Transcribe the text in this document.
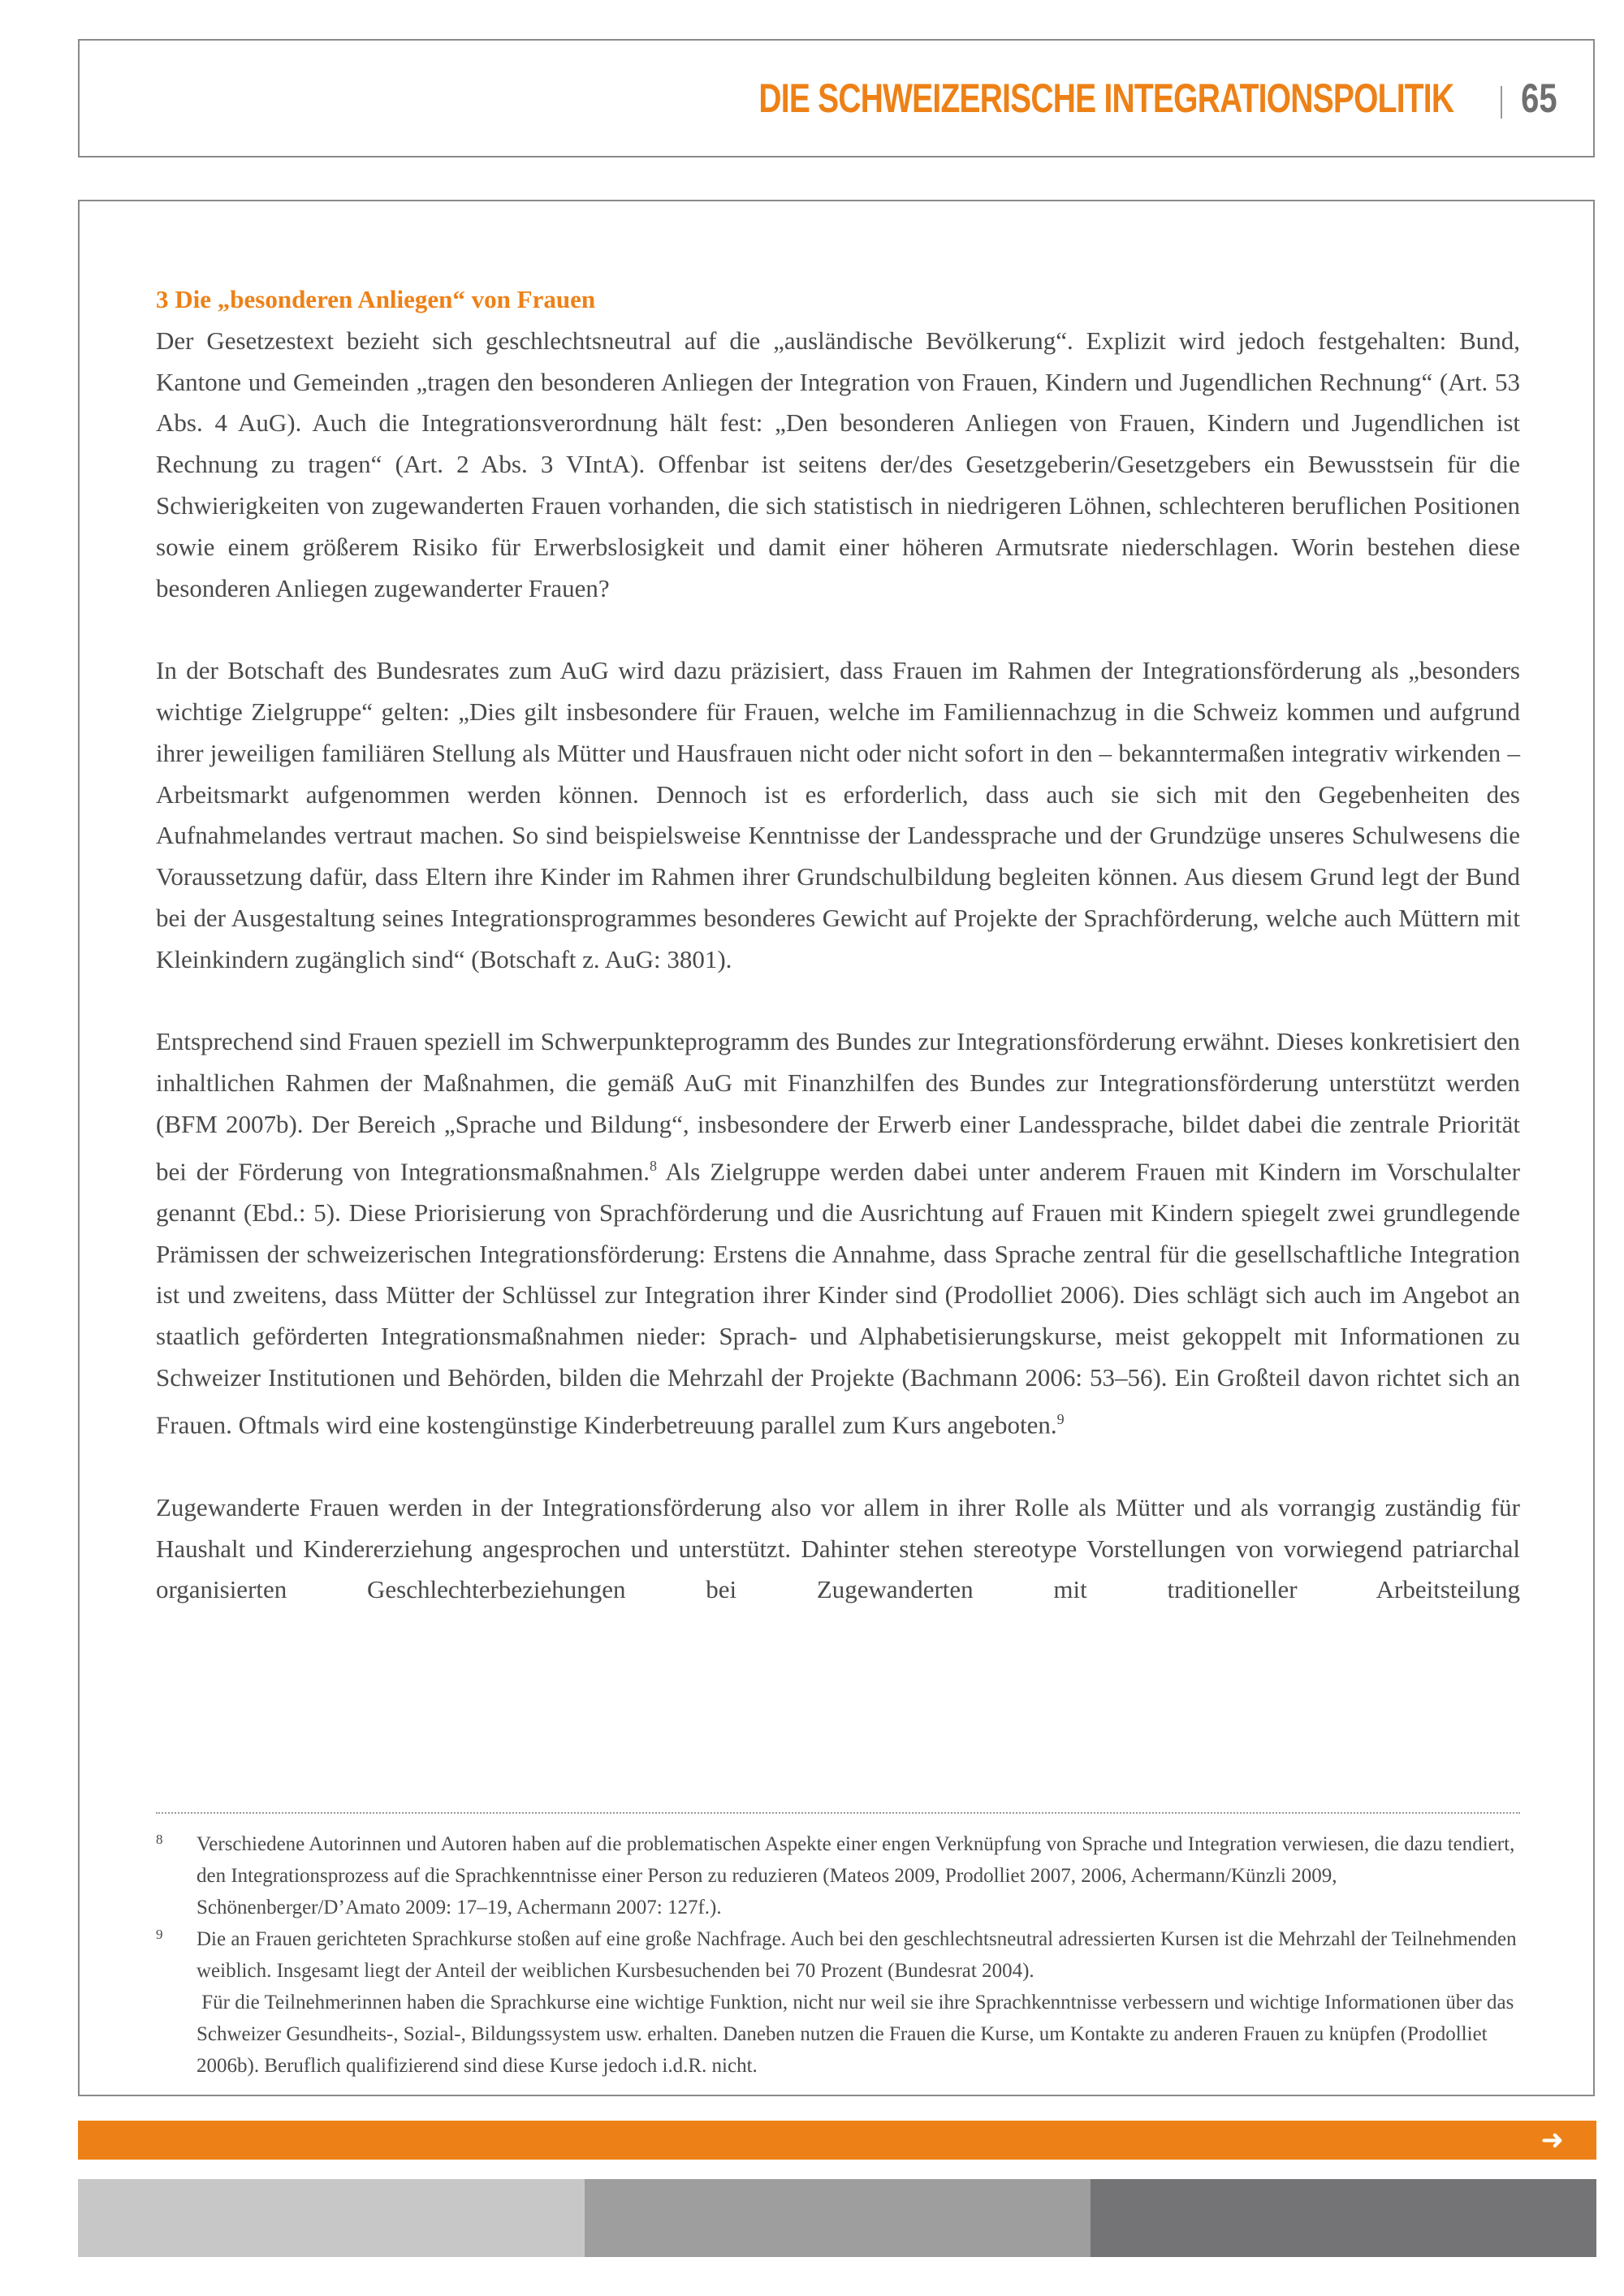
DIE SCHWEIZERISCHE INTEGRATIONSPOLITIK 65
3 Die „besonderen Anliegen“ von Frauen

Der Gesetzestext bezieht sich geschlechtsneutral auf die „ausländische Bevölkerung“. Explizit wird jedoch festgehalten: Bund, Kantone und Gemeinden „tragen den besonderen Anliegen der Integration von Frauen, Kindern und Jugendlichen Rechnung“ (Art. 53 Abs. 4 AuG). Auch die Integrationsverordnung hält fest: „Den besonderen Anliegen von Frauen, Kindern und Jugendlichen ist Rechnung zu tragen“ (Art. 2 Abs. 3 VIntA). Offenbar ist seitens der/des Gesetzgeberin/Gesetzgebers ein Bewusstsein für die Schwierigkeiten von zugewanderten Frauen vorhanden, die sich statistisch in niedrigeren Löhnen, schlechteren beruflichen Positionen sowie einem größerem Risiko für Erwerbslosigkeit und damit einer höheren Armutsrate niederschlagen. Worin bestehen diese besonderen Anliegen zugewanderter Frauen?

In der Botschaft des Bundesrates zum AuG wird dazu präzisiert, dass Frauen im Rahmen der Integrationsförderung als „besonders wichtige Zielgruppe“ gelten: „Dies gilt insbesondere für Frauen, welche im Familiennachzug in die Schweiz kommen und aufgrund ihrer jeweiligen familiären Stellung als Mütter und Hausfrauen nicht oder nicht sofort in den – bekanntermaßen integrativ wirkenden – Arbeitsmarkt aufgenommen werden können. Dennoch ist es erforderlich, dass auch sie sich mit den Gegebenheiten des Aufnahmelandes vertraut machen. So sind beispielsweise Kenntnisse der Landessprache und der Grundzüge unseres Schulwesens die Voraussetzung dafür, dass Eltern ihre Kinder im Rahmen ihrer Grundschulbildung begleiten können. Aus diesem Grund legt der Bund bei der Ausgestaltung seines Integrationsprogrammes besonderes Gewicht auf Projekte der Sprachförderung, welche auch Müttern mit Kleinkindern zugänglich sind“ (Botschaft z. AuG: 3801).

Entsprechend sind Frauen speziell im Schwerpunkteprogramm des Bundes zur Integrationsförderung erwähnt. Dieses konkretisiert den inhaltlichen Rahmen der Maßnahmen, die gemäß AuG mit Finanzhilfen des Bundes zur Integrationsförderung unterstützt werden (BFM 2007b). Der Bereich „Sprache und Bildung“, insbesondere der Erwerb einer Landessprache, bildet dabei die zentrale Priorität bei der Förderung von Integrationsmaßnahmen.$^8$ Als Zielgruppe werden dabei unter anderem Frauen mit Kindern im Vorschulalter genannt (Ebd.: 5). Diese Priorisierung von Sprachförderung und die Ausrichtung auf Frauen mit Kindern spiegelt zwei grundlegende Prämissen der schweizerischen Integrationsförderung: Erstens die Annahme, dass Sprache zentral für die gesellschaftliche Integration ist und zweitens, dass Mütter der Schlüssel zur Integration ihrer Kinder sind (Prodolliet 2006). Dies schlägt sich auch im Angebot an staatlich geförderten Integrationsmaßnahmen nieder: Sprach- und Alphabetisierungskurse, meist gekoppelt mit Informationen zu Schweizer Institutionen und Behörden, bilden die Mehrzahl der Projekte (Bachmann 2006: 53–56). Ein Großteil davon richtet sich an Frauen. Oftmals wird eine kostengünstige Kinderbetreuung parallel zum Kurs angeboten.$^9$

Zugewanderte Frauen werden in der Integrationsförderung also vor allem in ihrer Rolle als Mütter und als vorrangig zuständig für Haushalt und Kindererziehung angesprochen und unterstützt. Dahinter stehen stereotype Vorstellungen von vorwiegend patriarchal organisierten Geschlechterbeziehungen bei Zugewanderten mit traditioneller Arbeitsteilung

8 Verschiedene Autorinnen und Autoren haben auf die problematischen Aspekte einer engen Verknüpfung von Sprache und Integration verwiesen, die dazu tendiert, den Integrationsprozess auf die Sprachkenntnisse einer Person zu reduzieren (Mateos 2009, Prodolliet 2007, 2006, Achermann/Künzli 2009, Schönenberger/D’Amato 2009: 17–19, Achermann 2007: 127f.).
9 Die an Frauen gerichteten Sprachkurse stoßen auf eine große Nachfrage. Auch bei den geschlechtsneutral adressierten Kursen ist die Mehrzahl der Teilnehmenden weiblich. Insgesamt liegt der Anteil der weiblichen Kursbesuchenden bei 70 Prozent (Bundesrat 2004).
Für die Teilnehmerinnen haben die Sprachkurse eine wichtige Funktion, nicht nur weil sie ihre Sprachkenntnisse verbessern und wichtige Informationen über das Schweizer Gesundheits-, Sozial-, Bildungssystem usw. erhalten. Daneben nutzen die Frauen die Kurse, um Kontakte zu anderen Frauen zu knüpfen (Prodolliet 2006b). Beruflich qualifizierend sind diese Kurse jedoch i.d.R. nicht.
➜
